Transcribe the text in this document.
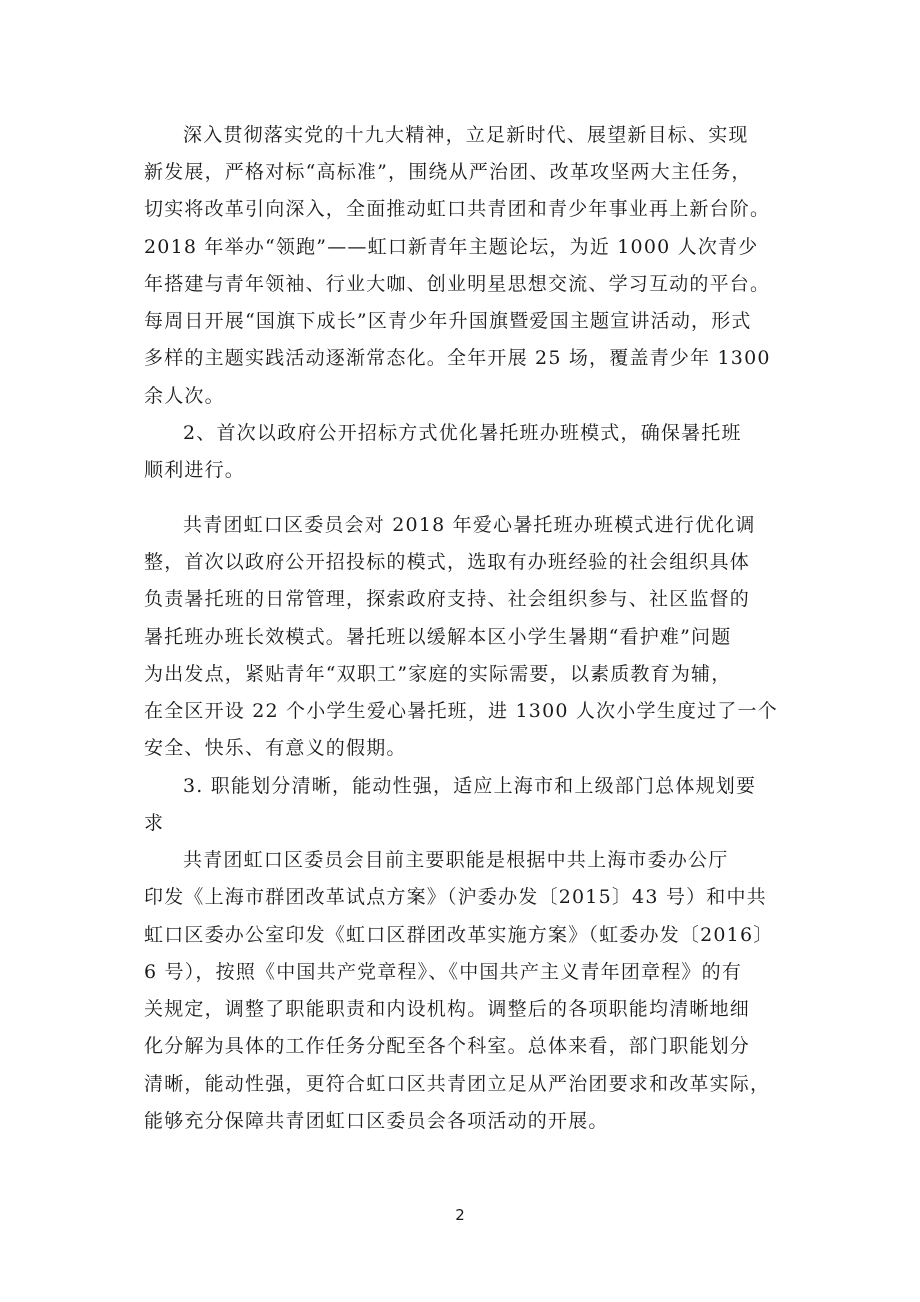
深入贯彻落实党的十九大精神，立足新时代、展望新目标、实现
新发展，严格对标“高标准”，围绕从严治团、改革攻坚两大主任务，
切实将改革引向深入，全面推动虹口共青团和青少年事业再上新台阶。
2018 年举办“领跑”——虹口新青年主题论坛，为近 1000 人次青少
年搭建与青年领袖、行业大咖、创业明星思想交流、学习互动的平台。
每周日开展“国旗下成长”区青少年升国旗暨爱国主题宣讲活动，形式
多样的主题实践活动逐渐常态化。全年开展 25 场，覆盖青少年 1300
余人次。
2、首次以政府公开招标方式优化暑托班办班模式，确保暑托班
顺利进行。
共青团虹口区委员会对 2018 年爱心暑托班办班模式进行优化调
整，首次以政府公开招投标的模式，选取有办班经验的社会组织具体
负责暑托班的日常管理，探索政府支持、社会组织参与、社区监督的
暑托班办班长效模式。暑托班以缓解本区小学生暑期“看护难”问题
为出发点，紧贴青年“双职工”家庭的实际需要，以素质教育为辅，
在全区开设 22 个小学生爱心暑托班，进 1300 人次小学生度过了一个
安全、快乐、有意义的假期。
3. 职能划分清晰，能动性强，适应上海市和上级部门总体规划要
求
共青团虹口区委员会目前主要职能是根据中共上海市委办公厅
印发《上海市群团改革试点方案》（沪委办发〔2015〕43 号）和中共
虹口区委办公室印发《虹口区群团改革实施方案》（虹委办发〔2016〕
6 号），按照《中国共产党章程》、《中国共产主义青年团章程》的有
关规定，调整了职能职责和内设机构。调整后的各项职能均清晰地细
化分解为具体的工作任务分配至各个科室。总体来看，部门职能划分
清晰，能动性强，更符合虹口区共青团立足从严治团要求和改革实际，
能够充分保障共青团虹口区委员会各项活动的开展。
2
